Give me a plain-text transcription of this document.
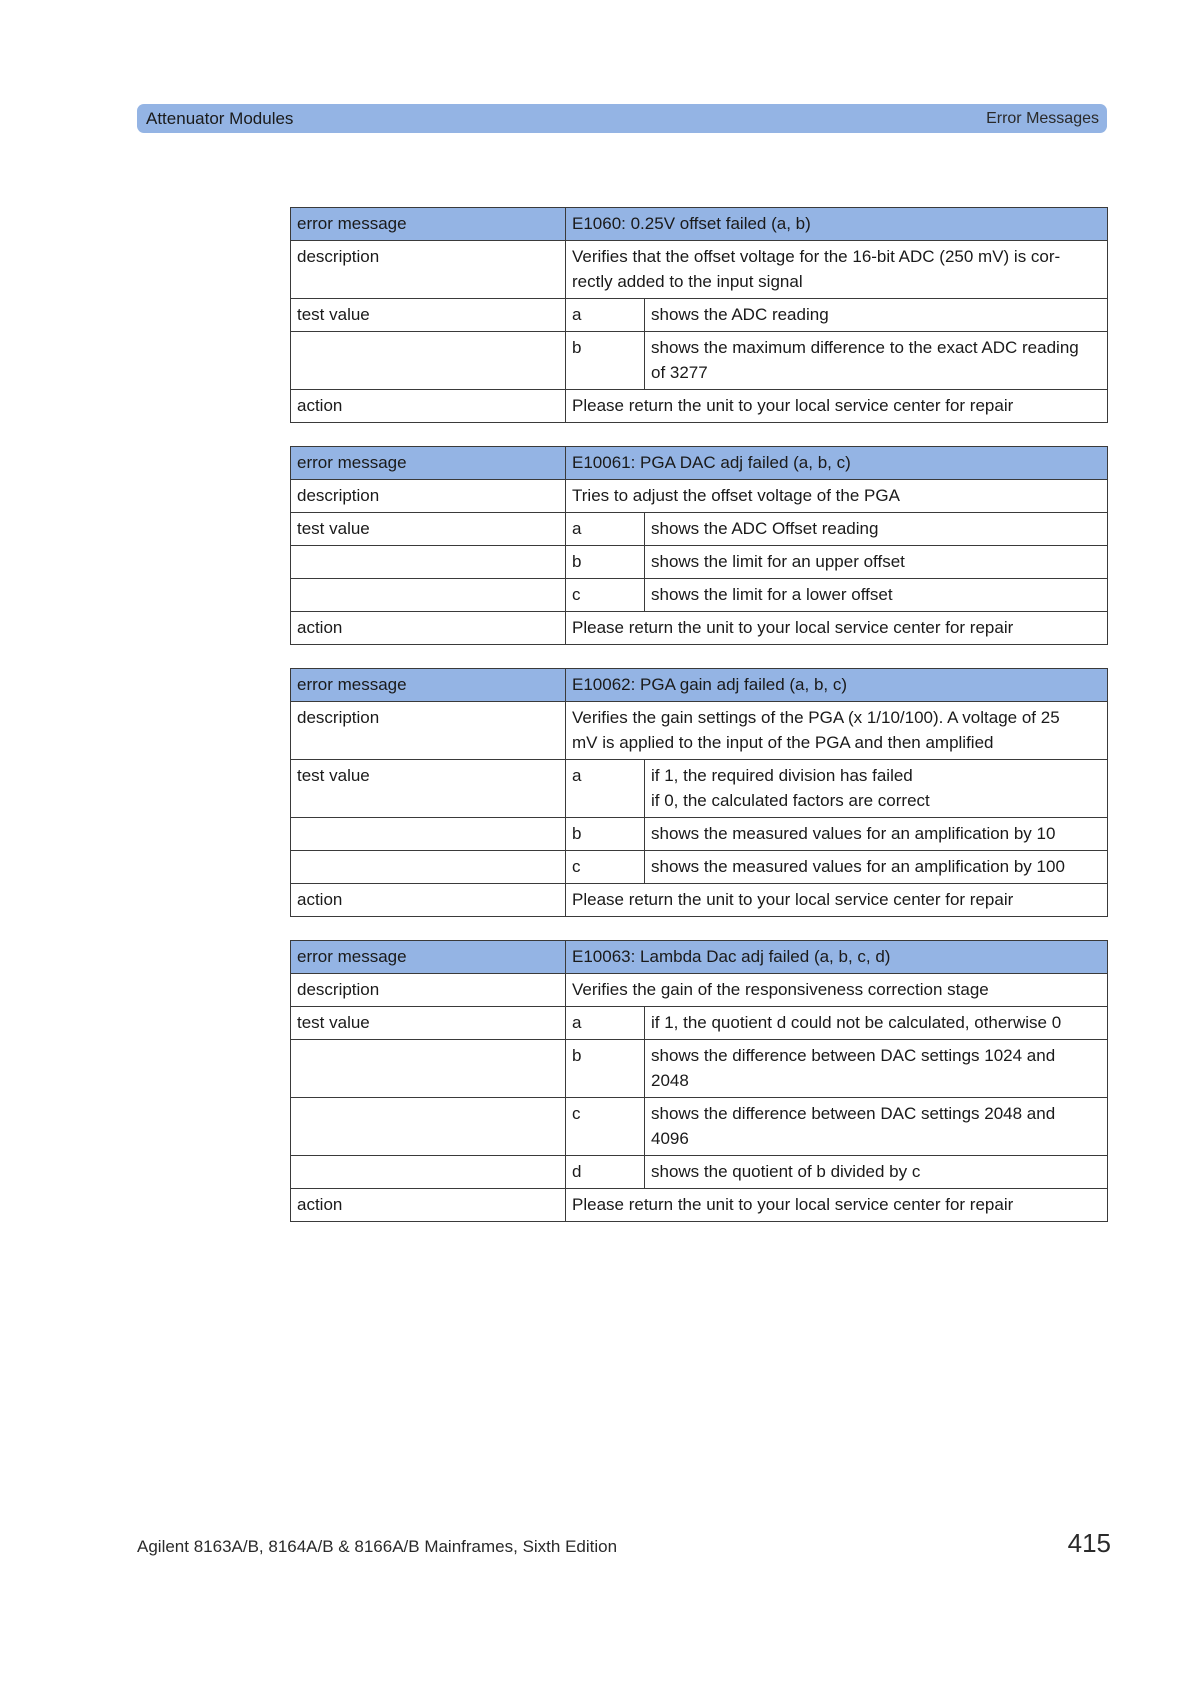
Attenuator Modules	Error Messages
error message	E1060: 0.25V offset failed (a, b)	
description	Verifies that the offset voltage for the 16-bit ADC (250 mV) is cor-
rectly added to the input signal	
test value	a	shows the ADC reading
	b	shows the maximum difference to the exact ADC reading
of 3277
action	Please return the unit to your local service center for repair	
error message	E10061: PGA DAC adj failed (a, b, c)	
description	Tries to adjust the offset voltage of the PGA	
test value	a	shows the ADC Offset reading
	b	shows the limit for an upper offset
	c	shows the limit for a lower offset
action	Please return the unit to your local service center for repair	
error message	E10062: PGA gain adj failed (a, b, c)	
description	Verifies the gain settings of the PGA (x 1/10/100). A voltage of 25
mV is applied to the input of the PGA and then amplified	
test value	a	if 1, the required division has failed
if 0, the calculated factors are correct
	b	shows the measured values for an amplification by 10
	c	shows the measured values for an amplification by 100
action	Please return the unit to your local service center for repair	
error message	E10063: Lambda Dac adj failed (a, b, c, d)	
description	Verifies the gain of the responsiveness correction stage	
test value	a	if 1, the quotient d could not be calculated, otherwise 0
	b	shows the difference between DAC settings 1024 and
2048
	c	shows the difference between DAC settings 2048 and
4096
	d	shows the quotient of b divided by c
action	Please return the unit to your local service center for repair	
Agilent 8163A/B, 8164A/B & 8166A/B Mainframes, Sixth Edition	415
